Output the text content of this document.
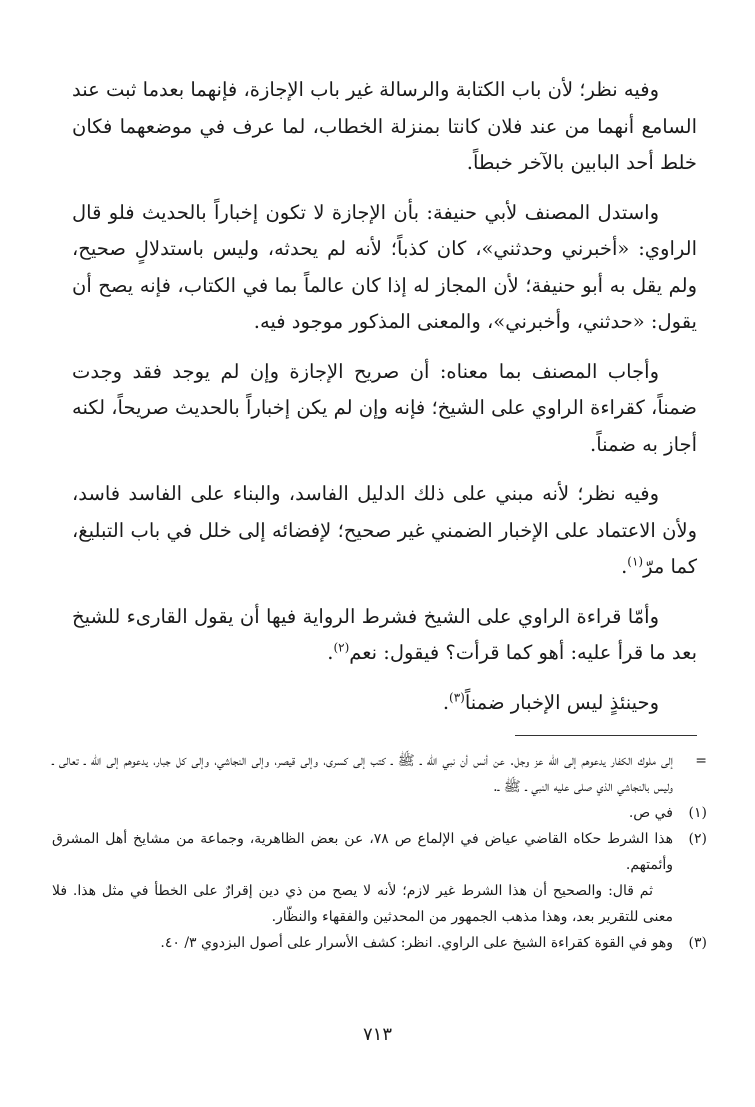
وفيه نظر؛ لأن باب الكتابة والرسالة غير باب الإجازة، فإنهما بعدما ثبت عند السامع أنهما من عند فلان كانتا بمنزلة الخطاب، لما عرف في موضعهما فكان خلط أحد البابين بالآخر خبطاً.

واستدل المصنف لأبي حنيفة: بأن الإجازة لا تكون إخباراً بالحديث فلو قال الراوي: «أخبرني وحدثني»، كان كذباً؛ لأنه لم يحدثه، وليس باستدلالٍ صحيح، ولم يقل به أبو حنيفة؛ لأن المجاز له إذا كان عالماً بما في الكتاب، فإنه يصح أن يقول: «حدثني، وأخبرني»، والمعنى المذكور موجود فيه.

وأجاب المصنف بما معناه: أن صريح الإجازة وإن لم يوجد فقد وجدت ضمناً، كقراءة الراوي على الشيخ؛ فإنه وإن لم يكن إخباراً بالحديث صريحاً، لكنه أجاز به ضمناً.

وفيه نظر؛ لأنه مبني على ذلك الدليل الفاسد، والبناء على الفاسد فاسد، ولأن الاعتماد على الإخبار الضمني غير صحيح؛ لإفضائه إلى خلل في باب التبليغ، كما مرّ$^{(١)}$.

وأمّا قراءة الراوي على الشيخ فشرط الرواية فيها أن يقول القارىء للشيخ بعد ما قرأ عليه: أهو كما قرأت؟ فيقول: نعم$^{(٢)}$.

وحينئذٍ ليس الإخبار ضمناً$^{(٣)}$.

=
إلى ملوك الكفار يدعوهم إلى الله عز وجل. عن أنس أن نبي الله ـ ﷺ ـ كتب إلى كسرى، وإلى قيصر، وإلى النجاشي، وإلى كل جبار، يدعوهم إلى الله ـ تعالى ـ وليس بالنجاشي الذي صلى عليه النبي ـ ﷺ ـ.
(١)
في ص.
(٢)
هذا الشرط حكاه القاضي عياض في الإلماع ص ٧٨، عن بعض الظاهرية، وجماعة من مشايخ أهل المشرق وأئمتهم.
ثم قال: والصحيح أن هذا الشرط غير لازم؛ لأنه لا يصح من ذي دين إقرارٌ على الخطأ في مثل هذا. فلا معنى للتقرير بعد، وهذا مذهب الجمهور من المحدثين والفقهاء والنظّار.
(٣)
وهو في القوة كقراءة الشيخ على الراوي. انظر: كشف الأسرار على أصول البزدوي ٣/ ٤٠.
٧١٣
